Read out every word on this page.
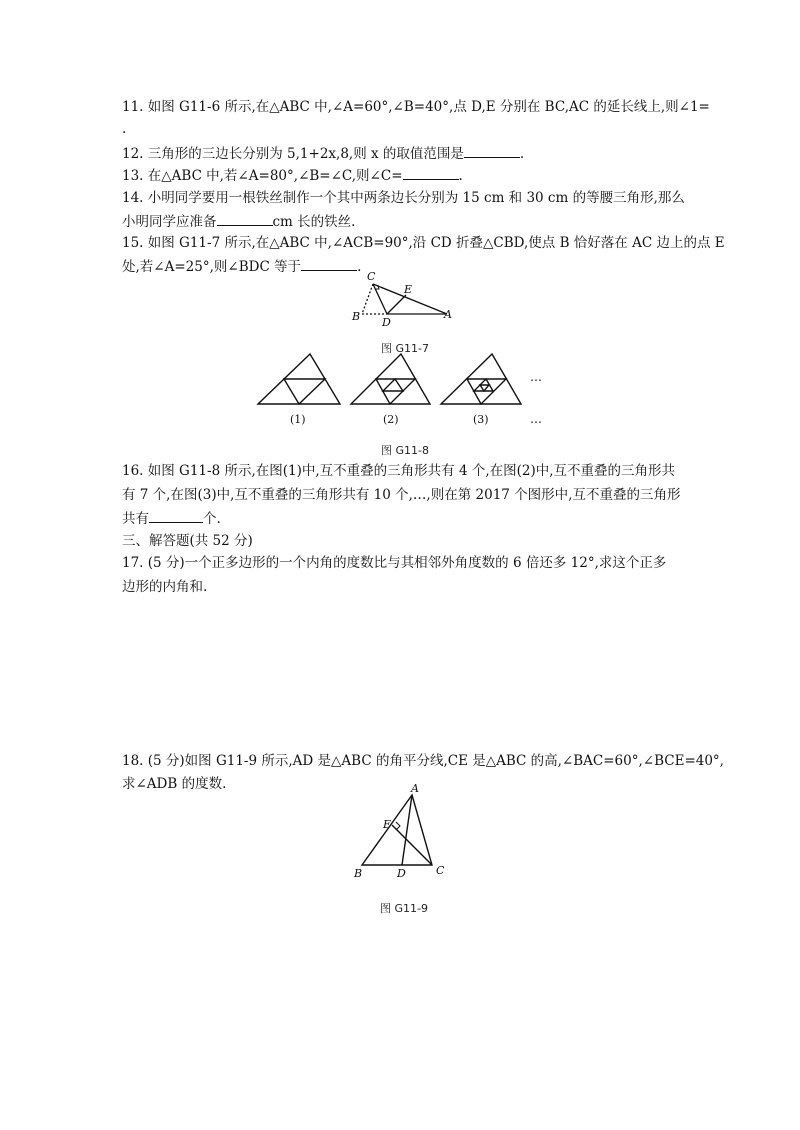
11. 如图 G11-6 所示,在△ABC 中,∠A=60°,∠B=40°,点 D,E 分别在 BC,AC 的延长线上,则∠1=
.
12. 三角形的三边长分别为 5,1+2x,8,则 x 的取值范围是	.
13. 在△ABC 中,若∠A=80°,∠B=∠C,则∠C=	.
14. 小明同学要用一根铁丝制作一个其中两条边长分别为 15 cm 和 30 cm 的等腰三角形,那么
小明同学应准备	cm 长的铁丝.
15. 如图 G11-7 所示,在△ABC 中,∠ACB=90°,沿 CD 折叠△CBD,使点 B 恰好落在 AC 边上的点 E
处,若∠A=25°,则∠BDC 等于	.
C
E
B D
A
图 G11-7
(1)	(2)	(3)
…
…
图 G11-8
16. 如图 G11-8 所示,在图(1)中,互不重叠的三角形共有 4 个,在图(2)中,互不重叠的三角形共
有 7 个,在图(3)中,互不重叠的三角形共有 10 个,…,则在第 2017 个图形中,互不重叠的三角形
共有	个.
三、解答题(共 52 分)
17. (5 分)一个正多边形的一个内角的度数比与其相邻外角度数的 6 倍还多 12°,求这个正多
边形的内角和.
18. (5 分)如图 G11-9 所示,AD 是△ABC 的角平分线,CE 是△ABC 的高,∠BAC=60°,∠BCE=40°,
求∠ADB 的度数.	A
E
B	D	C
图 G11-9
